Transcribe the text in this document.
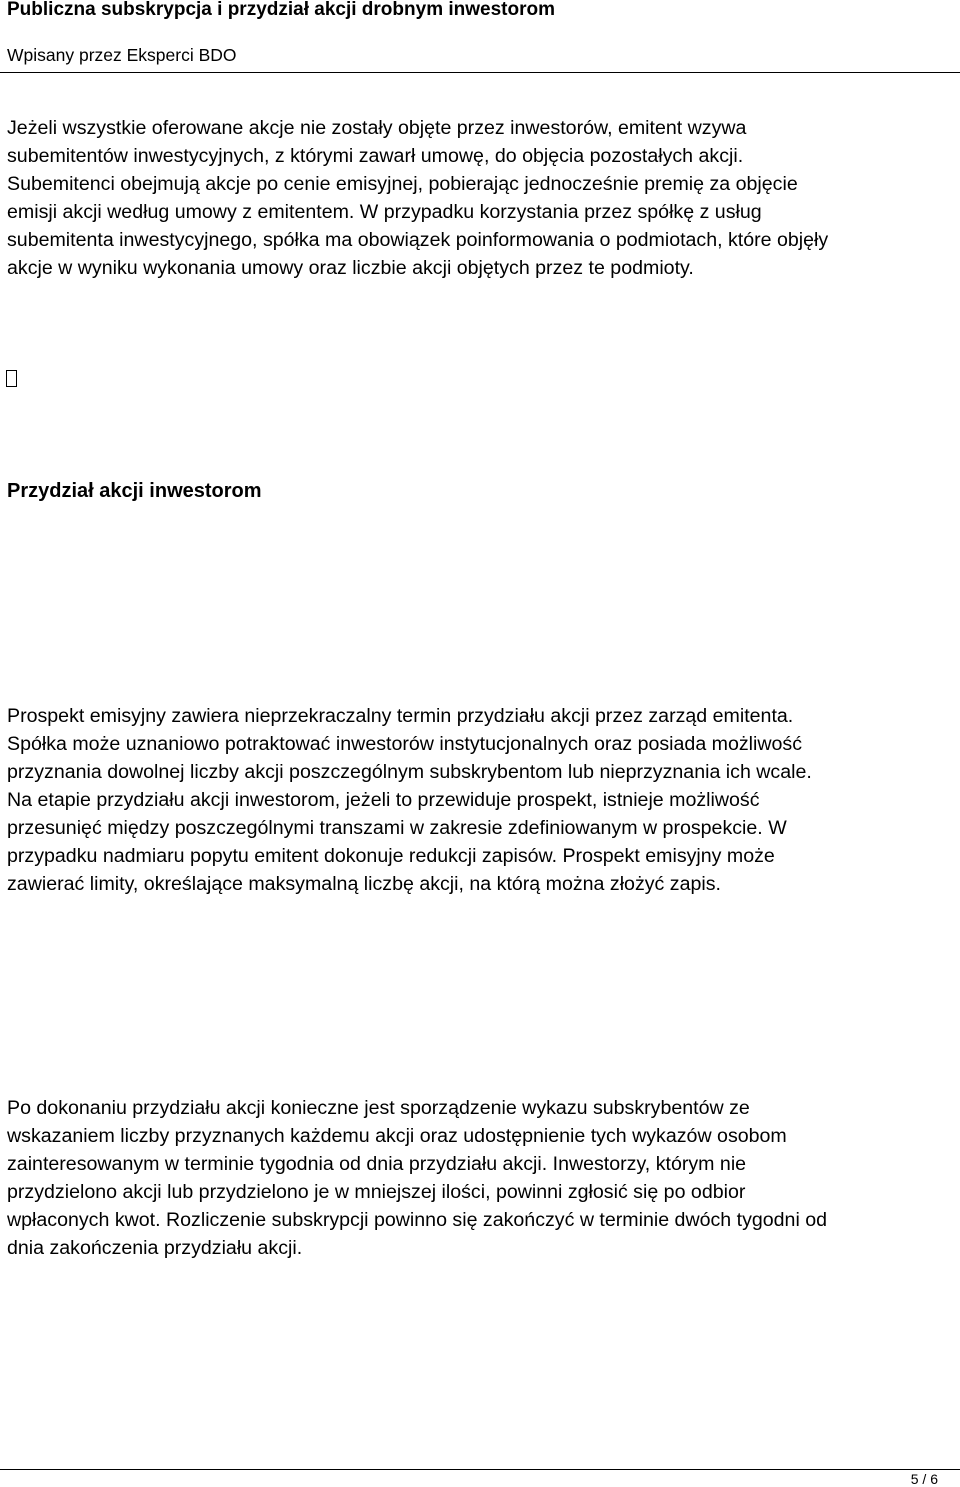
Publiczna subskrypcja i przydział akcji drobnym inwestorom

Wpisany przez Eksperci BDO

Jeżeli wszystkie oferowane akcje nie zostały objęte przez inwestorów, emitent wzywa
subemitentów inwestycyjnych, z którymi zawarł umowę, do objęcia pozostałych akcji.
Subemitenci obejmują akcje po cenie emisyjnej, pobierając jednocześnie premię za objęcie
emisji akcji według umowy z emitentem. W przypadku korzystania przez spółkę z usług
subemitenta inwestycyjnego, spółka ma obowiązek poinformowania o podmiotach, które objęły
akcje w wyniku wykonania umowy oraz liczbie akcji objętych przez te podmioty.

Przydział akcji inwestorom

Prospekt emisyjny zawiera nieprzekraczalny termin przydziału akcji przez zarząd emitenta.
Spółka może uznaniowo potraktować inwestorów instytucjonalnych oraz posiada możliwość
przyznania dowolnej liczby akcji poszczególnym subskrybentom lub nieprzyznania ich wcale.
Na etapie przydziału akcji inwestorom, jeżeli to przewiduje prospekt, istnieje możliwość
przesunięć między poszczególnymi transzami w zakresie zdefiniowanym w prospekcie. W
przypadku nadmiaru popytu emitent dokonuje redukcji zapisów. Prospekt emisyjny może
zawierać limity, określające maksymalną liczbę akcji, na którą można złożyć zapis.

Po dokonaniu przydziału akcji konieczne jest sporządzenie wykazu subskrybentów ze
wskazaniem liczby przyznanych każdemu akcji oraz udostępnienie tych wykazów osobom
zainteresowanym w terminie tygodnia od dnia przydziału akcji. Inwestorzy, którym nie
przydzielono akcji lub przydzielono je w mniejszej ilości, powinni zgłosić się po odbior
wpłaconych kwot. Rozliczenie subskrypcji powinno się zakończyć w terminie dwóch tygodni od
dnia zakończenia przydziału akcji.

5 / 6
